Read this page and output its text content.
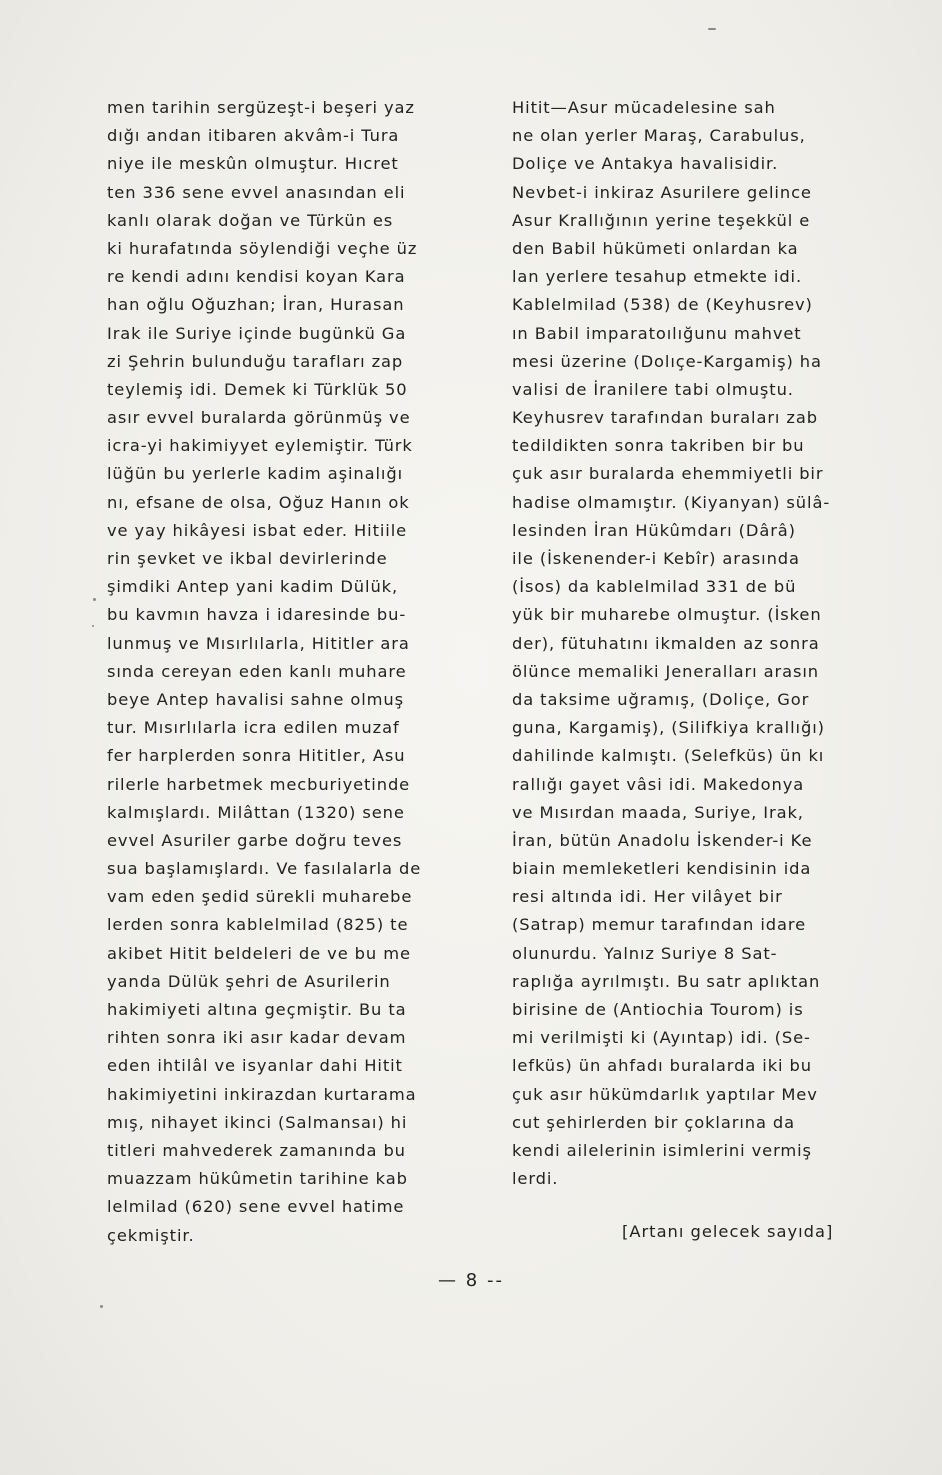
men tarihin sergüzeşt-i beşeri yaz
dığı andan itibaren akvâm-i Tura
niye ile meskûn olmuştur. Hıcret
ten 336 sene evvel anasından eli
kanlı olarak doğan ve Türkün es
ki hurafatında söylendiği veçhe üz
re kendi adını kendisi koyan Kara
han oğlu Oğuzhan; İran, Hurasan
Irak ile Suriye içinde bugünkü Ga
zi Şehrin bulunduğu tarafları zap
teylemiş idi. Demek ki Türklük 50
asır evvel buralarda görünmüş ve
icra-yi hakimiyyet eylemiştir. Türk
lüğün bu yerlerle kadim aşinalığı
nı, efsane de olsa, Oğuz Hanın ok
ve yay hikâyesi isbat eder. Hitiile
rin şevket ve ikbal devirlerinde
şimdiki Antep yani kadim Dülük,
bu kavmın havza i idaresinde bu-
lunmuş ve Mısırlılarla, Hititler ara
sında cereyan eden kanlı muhare
beye Antep havalisi sahne olmuş
tur. Mısırlılarla icra edilen muzaf
fer harplerden sonra Hititler, Asu
rilerle harbetmek mecburiyetinde
kalmışlardı. Milâttan (1320) sene
evvel Asuriler garbe doğru teves
sua başlamışlardı. Ve fasılalarla de
vam eden şedid sürekli muharebe
lerden sonra kablelmilad (825) te
akibet Hitit beldeleri de ve bu me
yanda Dülük şehri de Asurilerin
hakimiyeti altına geçmiştir. Bu ta
rihten sonra iki asır kadar devam
eden ihtilâl ve isyanlar dahi Hitit
hakimiyetini inkirazdan kurtarama
mış, nihayet ikinci (Salmansaı) hi
titleri mahvederek zamanında bu
muazzam hükûmetin tarihine kab
lelmilad (620) sene evvel hatime
çekmiştir.
Hitit—Asur mücadelesine sah
ne olan yerler Maraş, Carabulus,
Doliçe ve Antakya havalisidir.
Nevbet-i inkiraz Asurilere gelince
Asur Krallığının yerine teşekkül e
den Babil hükümeti onlardan ka
lan yerlere tesahup etmekte idi.
Kablelmilad (538) de (Keyhusrev)
ın Babil imparatoılığunu mahvet
mesi üzerine (Dolıçe-Kargamiş) ha
valisi de İranilere tabi olmuştu.
Keyhusrev tarafından buraları zab
tedildikten sonra takriben bir bu
çuk asır buralarda ehemmiyetli bir
hadise olmamıştır. (Kiyanyan) sülâ-
lesinden İran Hükûmdarı (Dârâ)
ile (İskenender-i Kebîr) arasında
(İsos) da kablelmilad 331 de bü
yük bir muharebe olmuştur. (İsken
der), fütuhatını ikmalden az sonra
ölünce memaliki Jeneralları arasın
da taksime uğramış, (Doliçe, Gor
guna, Kargamiş), (Silifkiya krallığı)
dahilinde kalmıştı. (Selefküs) ün kı
rallığı gayet vâsi idi. Makedonya
ve Mısırdan maada, Suriye, Irak,
İran, bütün Anadolu İskender-i Ke
biain memleketleri kendisinin ida
resi altında idi. Her vilâyet bir
(Satrap) memur tarafından idare
olunurdu. Yalnız Suriye 8 Sat-
raplığa ayrılmıştı. Bu satr aplıktan
birisine de (Antiochia Tourom) is
mi verilmişti ki (Ayıntap) idi. (Se-
lefküs) ün ahfadı buralarda iki bu
çuk asır hükümdarlık yaptılar Mev
cut şehirlerden bir çoklarına da
kendi ailelerinin isimlerini vermiş
lerdi.
[Artanı gelecek sayıda]
— 8 --
